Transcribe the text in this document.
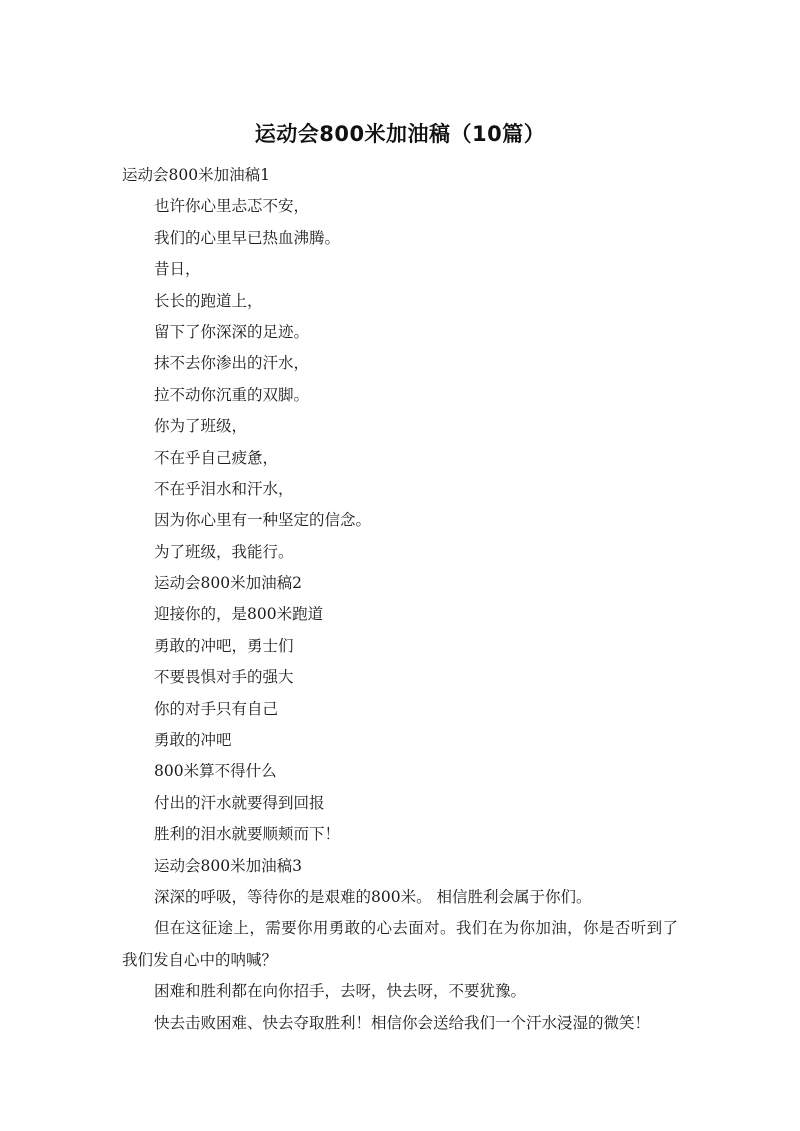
运动会800米加油稿（10篇）
运动会800米加油稿1
也许你心里忐忑不安，
我们的心里早已热血沸腾。
昔日，
长长的跑道上，
留下了你深深的足迹。
抹不去你渗出的汗水，
拉不动你沉重的双脚。
你为了班级，
不在乎自己疲惫，
不在乎泪水和汗水，
因为你心里有一种坚定的信念。
为了班级，我能行。
运动会800米加油稿2
迎接你的，是800米跑道
勇敢的冲吧，勇士们
不要畏惧对手的强大
你的对手只有自己
勇敢的冲吧
800米算不得什么
付出的汗水就要得到回报
胜利的泪水就要顺颊而下！
运动会800米加油稿3
深深的呼吸，等待你的是艰难的800米。 相信胜利会属于你们。
但在这征途上，需要你用勇敢的心去面对。我们在为你加油，你是否听到了我们发自心中的呐喊？
困难和胜利都在向你招手，去呀，快去呀，不要犹豫。
快去击败困难、快去夺取胜利！相信你会送给我们一个汗水浸湿的微笑！
